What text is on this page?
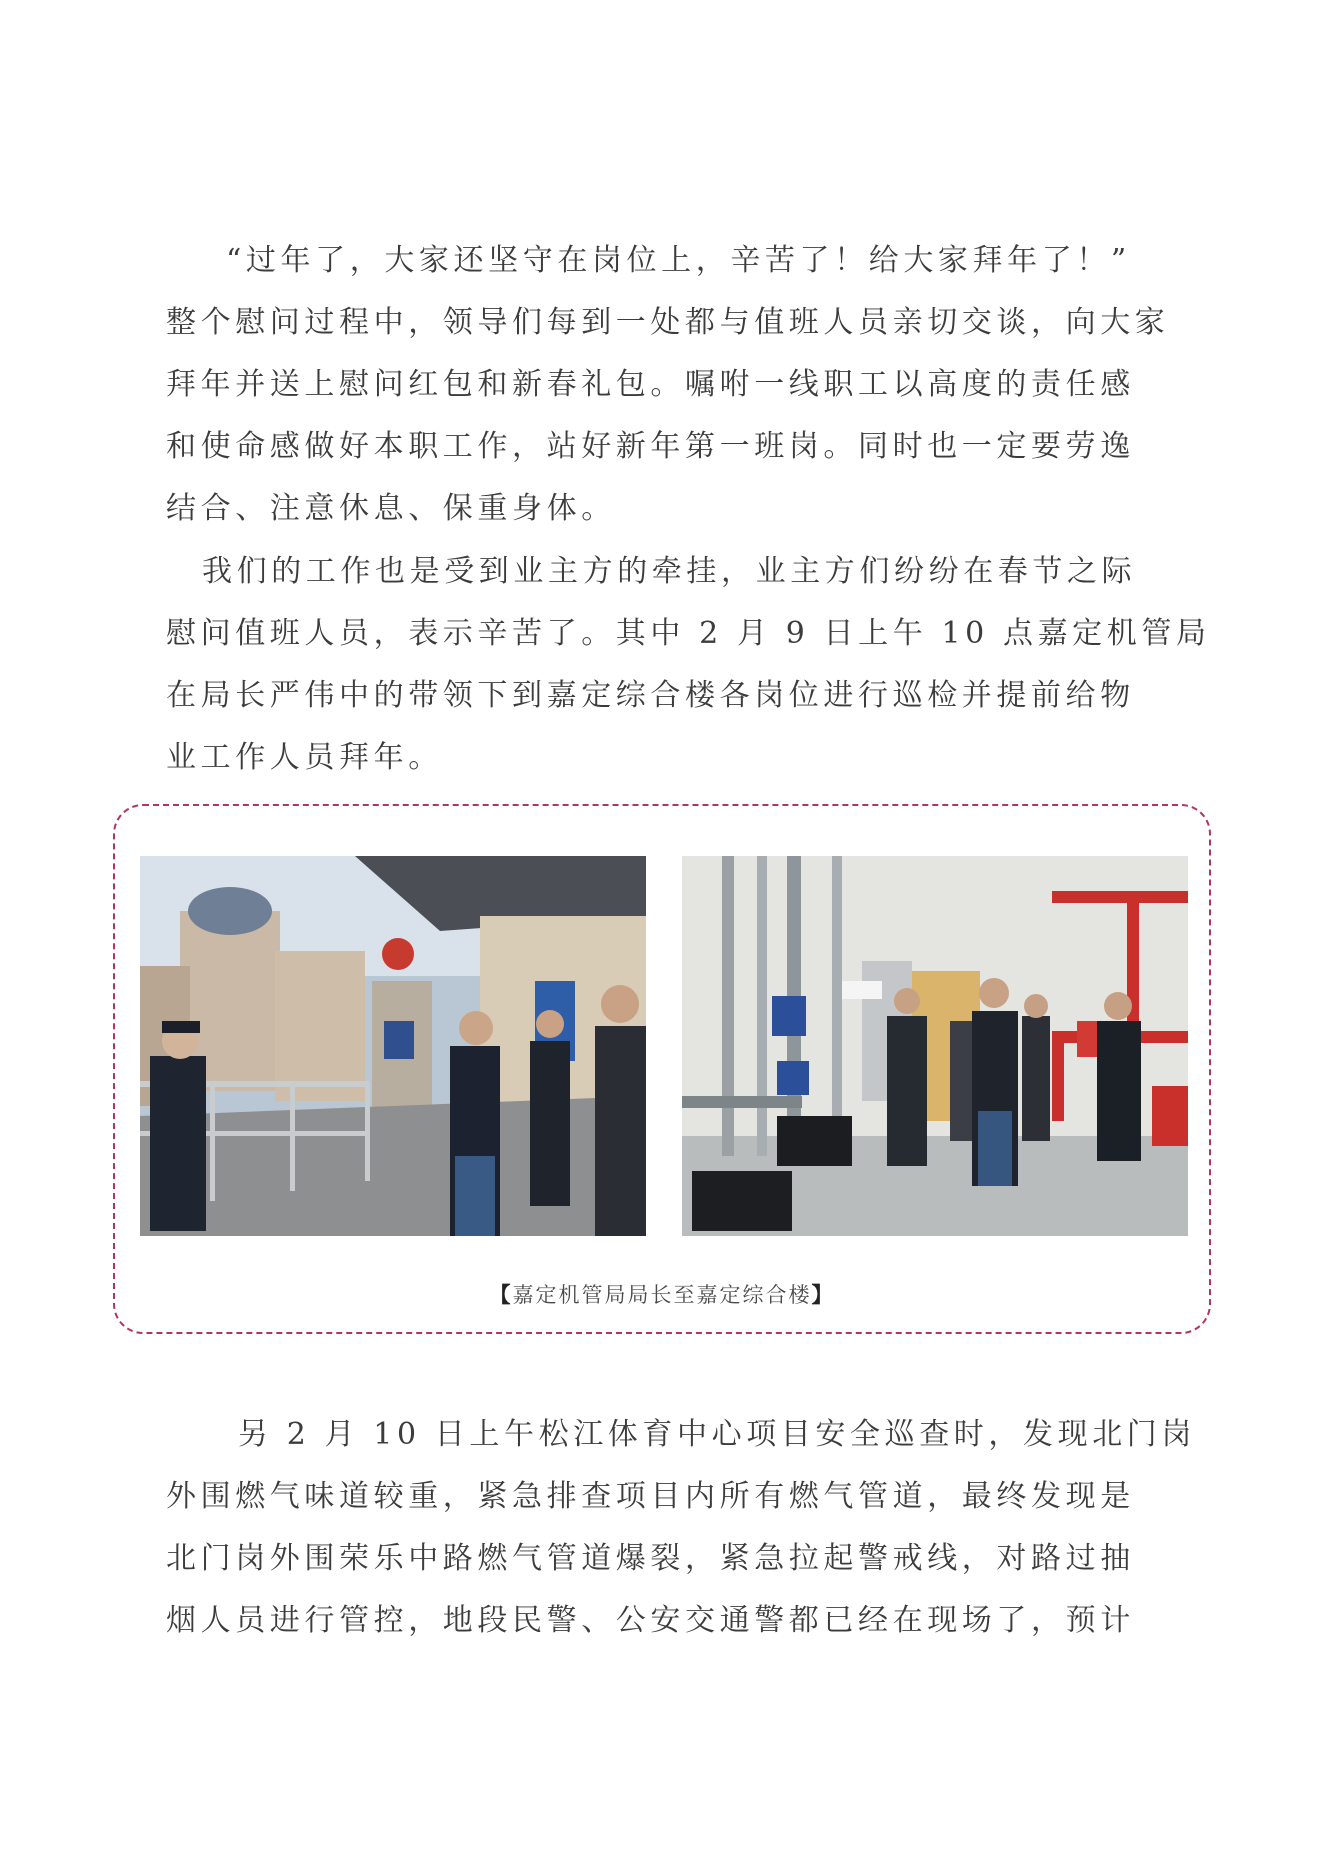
“过年了，大家还坚守在岗位上，辛苦了！给大家拜年了！”
整个慰问过程中，领导们每到一处都与值班人员亲切交谈，向大家
拜年并送上慰问红包和新春礼包。嘱咐一线职工以高度的责任感
和使命感做好本职工作，站好新年第一班岗。同时也一定要劳逸
结合、注意休息、保重身体。

我们的工作也是受到业主方的牵挂，业主方们纷纷在春节之际
慰问值班人员，表示辛苦了。其中 2 月 9 日上午 10 点嘉定机管局
在局长严伟中的带领下到嘉定综合楼各岗位进行巡检并提前给物
业工作人员拜年。

【嘉定机管局局长至嘉定综合楼】

另 2 月 10 日上午松江体育中心项目安全巡查时，发现北门岗
外围燃气味道较重，紧急排查项目内所有燃气管道，最终发现是
北门岗外围荣乐中路燃气管道爆裂，紧急拉起警戒线，对路过抽
烟人员进行管控，地段民警、公安交通警都已经在现场了，预计
